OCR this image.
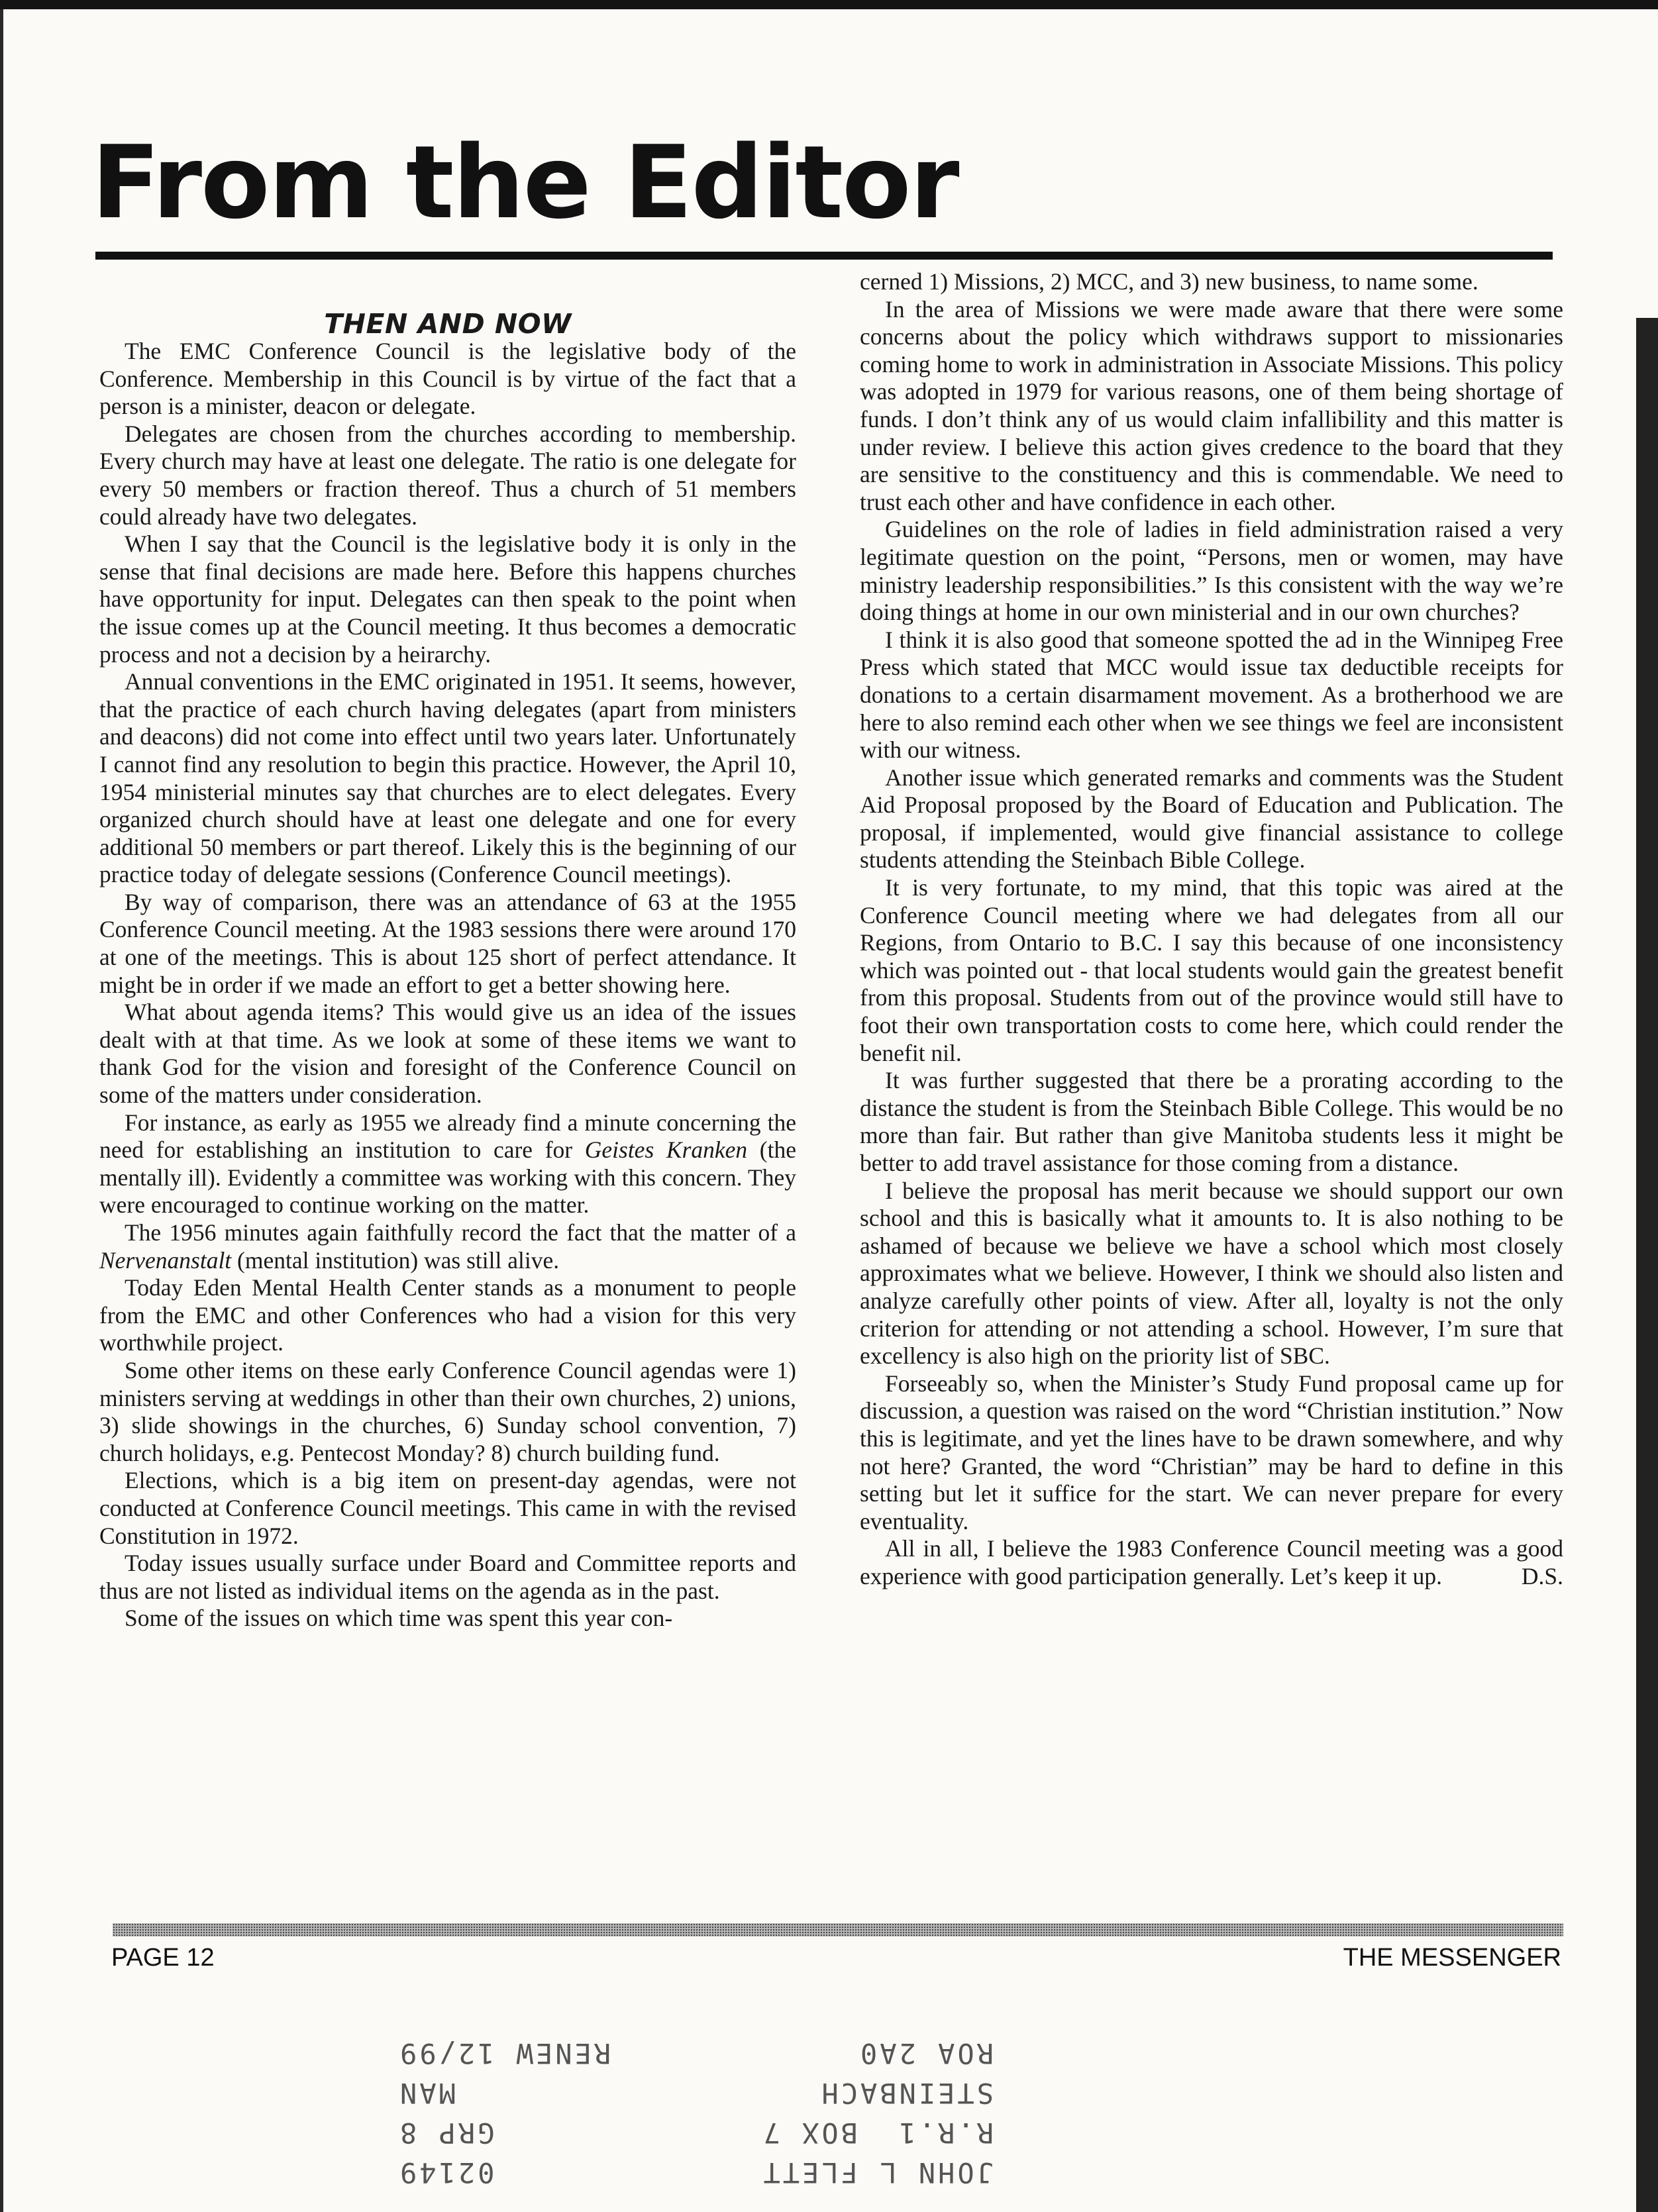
From the Editor
THEN AND NOW

The EMC Conference Council is the legislative body of the Conference. Membership in this Council is by virtue of the fact that a person is a minister, deacon or delegate.

Delegates are chosen from the churches according to membership. Every church may have at least one delegate. The ratio is one delegate for every 50 members or fraction thereof. Thus a church of 51 members could already have two delegates.

When I say that the Council is the legislative body it is only in the sense that final decisions are made here. Before this happens churches have opportunity for input. Delegates can then speak to the point when the issue comes up at the Council meeting. It thus becomes a democratic process and not a decision by a heirarchy.

Annual conventions in the EMC originated in 1951. It seems, however, that the practice of each church having delegates (apart from ministers and deacons) did not come into effect until two years later. Unfortunately I cannot find any resolution to begin this practice. However, the April 10, 1954 ministerial minutes say that churches are to elect delegates. Every organized church should have at least one delegate and one for every additional 50 members or part thereof. Likely this is the beginning of our practice today of delegate sessions (Conference Council meetings).

By way of comparison, there was an attendance of 63 at the 1955 Conference Council meeting. At the 1983 sessions there were around 170 at one of the meetings. This is about 125 short of perfect attendance. It might be in order if we made an effort to get a better showing here.

What about agenda items? This would give us an idea of the issues dealt with at that time. As we look at some of these items we want to thank God for the vision and foresight of the Conference Council on some of the matters under consideration.

For instance, as early as 1955 we already find a minute concerning the need for establishing an institution to care for Geistes Kranken (the mentally ill). Evidently a committee was working with this concern. They were encouraged to continue working on the matter.

The 1956 minutes again faithfully record the fact that the matter of a Nervenanstalt (mental institution) was still alive.

Today Eden Mental Health Center stands as a monument to people from the EMC and other Conferences who had a vision for this very worthwhile project.

Some other items on these early Conference Council agendas were 1) ministers serving at weddings in other than their own churches, 2) unions, 3) slide showings in the churches, 6) Sunday school convention, 7) church holidays, e.g. Pentecost Monday? 8) church building fund.

Elections, which is a big item on present-day agendas, were not conducted at Conference Council meetings. This came in with the revised Constitution in 1972.

Today issues usually surface under Board and Committee reports and thus are not listed as individual items on the agenda as in the past.

Some of the issues on which time was spent this year con-

cerned 1) Missions, 2) MCC, and 3) new business, to name some.

In the area of Missions we were made aware that there were some concerns about the policy which withdraws support to missionaries coming home to work in administration in Associate Missions. This policy was adopted in 1979 for various reasons, one of them being shortage of funds. I don’t think any of us would claim infallibility and this matter is under review. I believe this action gives credence to the board that they are sensitive to the constituency and this is commendable. We need to trust each other and have confidence in each other.

Guidelines on the role of ladies in field administration raised a very legitimate question on the point, “Persons, men or women, may have ministry leadership responsibilities.” Is this consistent with the way we’re doing things at home in our own ministerial and in our own churches?

I think it is also good that someone spotted the ad in the Winnipeg Free Press which stated that MCC would issue tax deductible receipts for donations to a certain disarmament movement. As a brotherhood we are here to also remind each other when we see things we feel are inconsistent with our witness.

Another issue which generated remarks and comments was the Student Aid Proposal proposed by the Board of Education and Publication. The proposal, if implemented, would give financial assistance to college students attending the Steinbach Bible College.

It is very fortunate, to my mind, that this topic was aired at the Conference Council meeting where we had delegates from all our Regions, from Ontario to B.C. I say this because of one inconsistency which was pointed out - that local students would gain the greatest benefit from this proposal. Students from out of the province would still have to foot their own transportation costs to come here, which could render the benefit nil.

It was further suggested that there be a prorating according to the distance the student is from the Steinbach Bible College. This would be no more than fair. But rather than give Manitoba students less it might be better to add travel assistance for those coming from a distance.

I believe the proposal has merit because we should support our own school and this is basically what it amounts to. It is also nothing to be ashamed of because we believe we have a school which most closely approximates what we believe. However, I think we should also listen and analyze carefully other points of view. After all, loyalty is not the only criterion for attending or not attending a school. However, I’m sure that excellency is also high on the priority list of SBC.

Forseeably so, when the Minister’s Study Fund proposal came up for discussion, a question was raised on the word “Christian institution.” Now this is legitimate, and yet the lines have to be drawn somewhere, and why not here? Granted, the word “Christian” may be hard to define in this setting but let it suffice for the start. We can never prepare for every eventuality.

All in all, I believe the 1983 Conference Council meeting was a good experience with good participation generally. Let’s keep it up.	D.S.
PAGE 12	THE MESSENGER
JOHN L FLETT
02149
R.R.1  BOX 7
GRP 8
STEINBACH
MAN
ROA 2A0
RENEW 12/99
